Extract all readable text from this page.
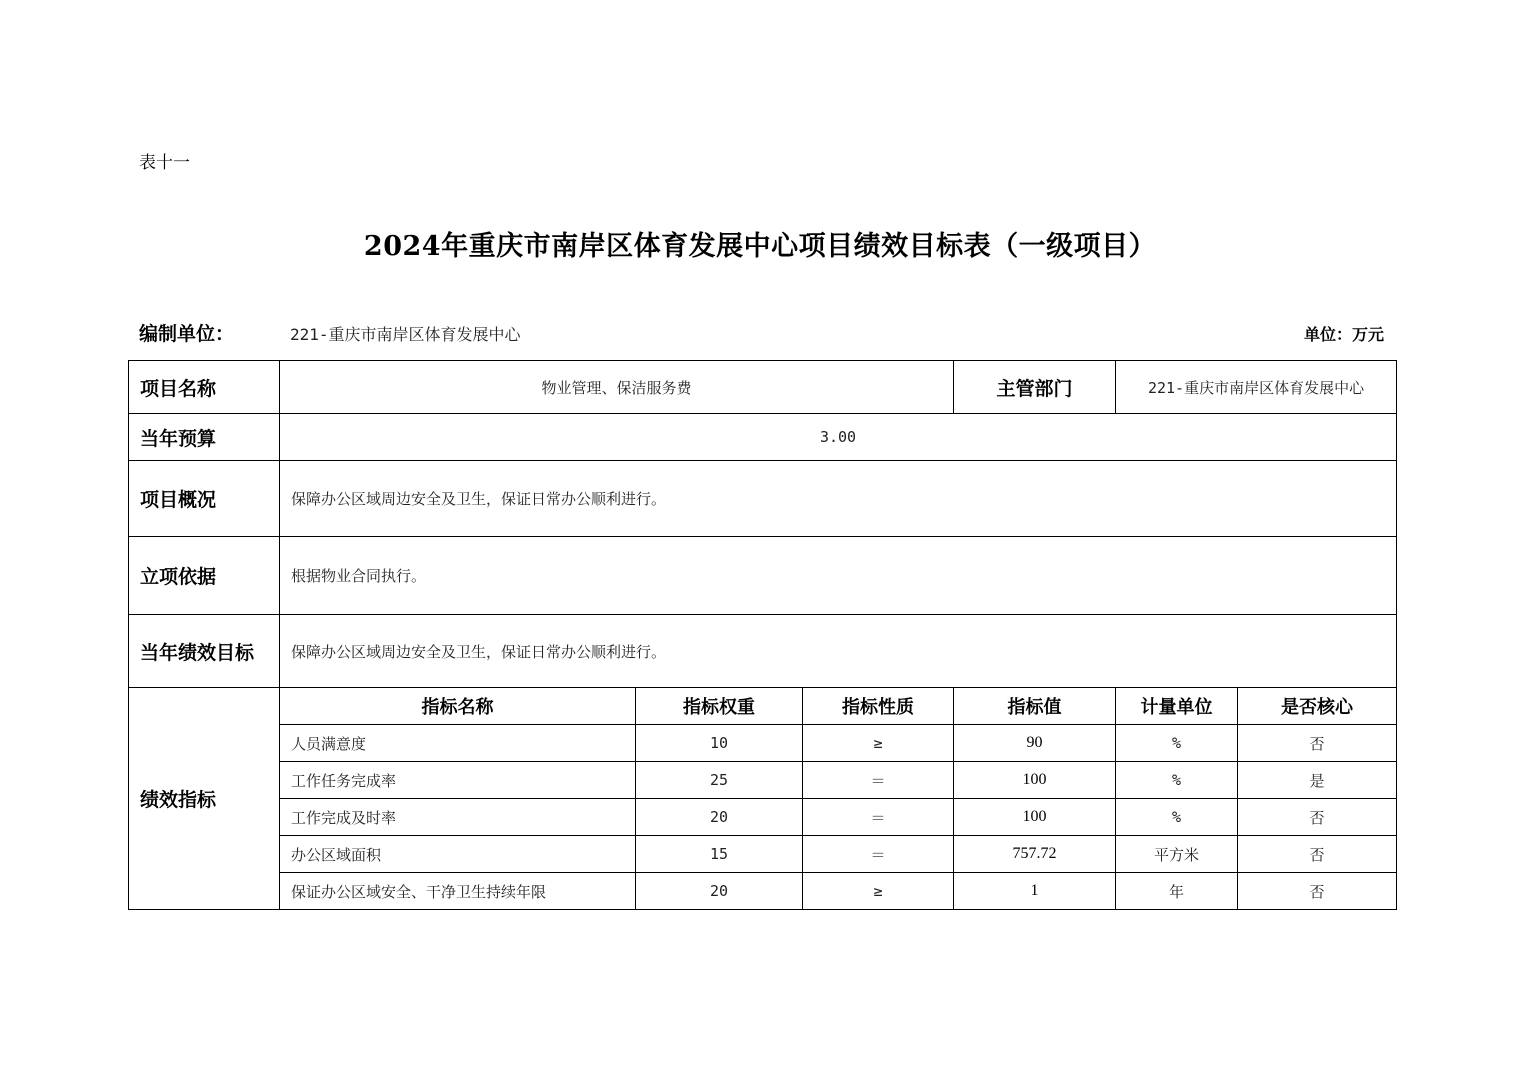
表十一
2024年重庆市南岸区体育发展中心项目绩效目标表（一级项目）
编制单位：	221-重庆市南岸区体育发展中心	单位：万元
项目名称	物业管理、保洁服务费			主管部门	221-重庆市南岸区体育发展中心	
当年预算	3.00					
项目概况	保障办公区域周边安全及卫生，保证日常办公顺利进行。					
立项依据	根据物业合同执行。					
当年绩效目标	保障办公区域周边安全及卫生，保证日常办公顺利进行。					
绩效指标	指标名称	指标权重	指标性质	指标值	计量单位	是否核心
	人员满意度	10	≥	90	%	否
	工作任务完成率	25	＝	100	%	是
	工作完成及时率	20	＝	100	%	否
	办公区域面积	15	＝	757.72	平方米	否
	保证办公区域安全、干净卫生持续年限	20	≥	1	年	否
